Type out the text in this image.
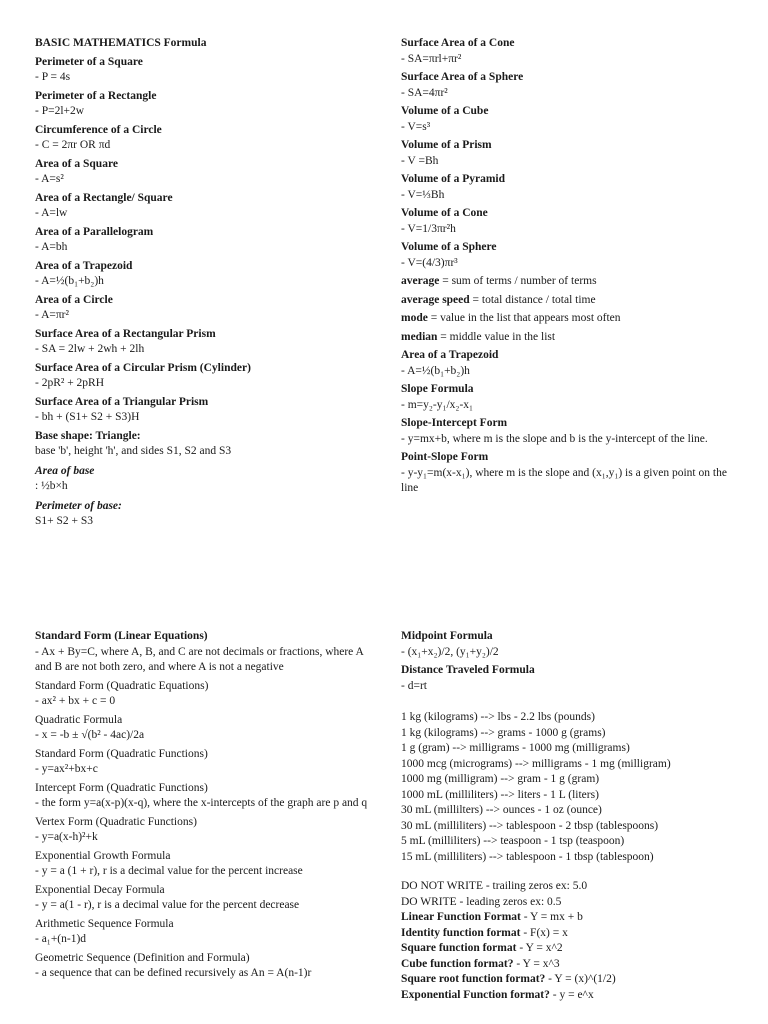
BASIC MATHEMATICS Formula
Perimeter of a Square
- P = 4s
Perimeter of a Rectangle
- P=2l+2w
Circumference of a Circle
- C = 2πr OR πd
Area of a Square
- A=s²
Area of a Rectangle/ Square
- A=lw
Area of a Parallelogram
- A=bh
Area of a Trapezoid
- A=½(b₁+b₂)h
Area of a Circle
- A=πr²
Surface Area of a Rectangular Prism
- SA = 2lw + 2wh + 2lh
Surface Area of a Circular Prism (Cylinder)
- 2pR² + 2pRH
Surface Area of a Triangular Prism
- bh + (S1+ S2 + S3)H
Base shape: Triangle:
base 'b', height 'h', and sides S1, S2 and S3
Area of base
: ½b×h
Perimeter of base:
S1+ S2 + S3
Surface Area of a Cone
- SA=πrl+πr²
Surface Area of a Sphere
- SA=4πr²
Volume of a Cube
- V=s³
Volume of a Prism
- V =Bh
Volume of a Pyramid
- V=⅓Bh
Volume of a Cone
- V=1/3πr²h
Volume of a Sphere
- V=(4/3)πr³
average = sum of terms / number of terms
average speed = total distance / total time
mode = value in the list that appears most often
median = middle value in the list
Area of a Trapezoid
- A=½(b₁+b₂)h
Slope Formula
- m=y₂-y₁/x₂-x₁
Slope-Intercept Form
- y=mx+b, where m is the slope and b is the y-intercept of the line.
Point-Slope Form
- y-y₁=m(x-x₁), where m is the slope and (x₁,y₁) is a given point on the line
Standard Form (Linear Equations)
- Ax + By=C, where A, B, and C are not decimals or fractions, where A and B are not both zero, and where A is not a negative
Standard Form (Quadratic Equations)
- ax² + bx + c = 0
Quadratic Formula
- x = -b ± √(b² - 4ac)/2a
Standard Form (Quadratic Functions)
- y=ax²+bx+c
Intercept Form (Quadratic Functions)
- the form y=a(x-p)(x-q), where the x-intercepts of the graph are p and q
Vertex Form (Quadratic Functions)
- y=a(x-h)²+k
Exponential Growth Formula
- y = a (1 + r), r is a decimal value for the percent increase
Exponential Decay Formula
- y = a(1 - r), r is a decimal value for the percent decrease
Arithmetic Sequence Formula
- a₁+(n-1)d
Geometric Sequence (Definition and Formula)
- a sequence that can be defined recursively as An = A(n-1)r
Midpoint Formula
- (x₁+x₂)/2, (y₁+y₂)/2
Distance Traveled Formula
- d=rt
1 kg (kilograms) --> lbs - 2.2 lbs (pounds)
1 kg (kilograms) --> grams - 1000 g (grams)
1 g (gram) --> milligrams - 1000 mg (milligrams)
1000 mcg (micrograms) --> milligrams - 1 mg (milligram)
1000 mg (milligram) --> gram - 1 g (gram)
1000 mL (milliliters) --> liters - 1 L (liters)
30 mL (millilters) --> ounces - 1 oz (ounce)
30 mL (milliliters) --> tablespoon - 2 tbsp (tablespoons)
5 mL (milliliters) --> teaspoon - 1 tsp (teaspoon)
15 mL (milliliters) --> tablespoon - 1 tbsp (tablespoon)
DO NOT WRITE - trailing zeros ex: 5.0
DO WRITE - leading zeros ex: 0.5
Linear Function Format - Y = mx + b
Identity function format - F(x) = x
Square function format - Y = x^2
Cube function format? - Y = x^3
Square root function format? - Y = (x)^(1/2)
Exponential Function format? - y = e^x
